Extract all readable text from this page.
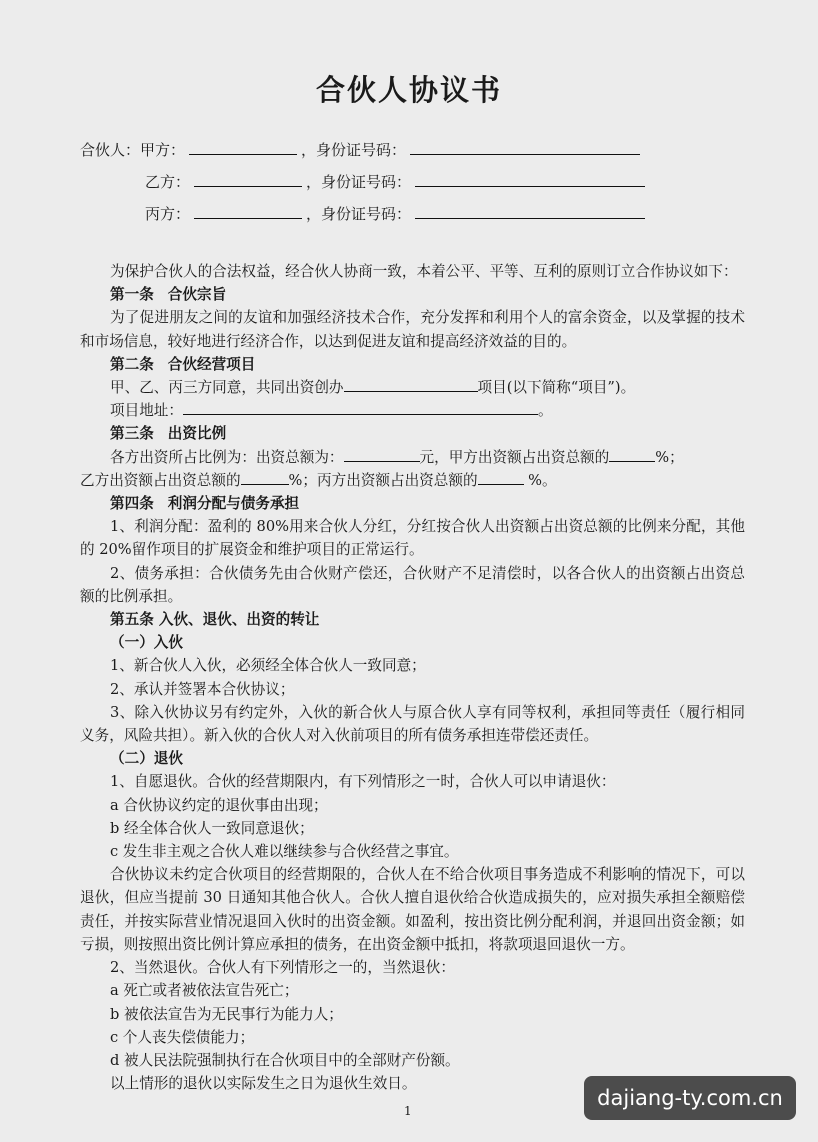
合伙人协议书
合伙人：甲方：	，身份证号码：
乙方：	，身份证号码：
丙方：	，身份证号码：

为保护合伙人的合法权益，经合伙人协商一致，本着公平、平等、互利的原则订立合作协议如下：

第一条 合伙宗旨

为了促进朋友之间的友谊和加强经济技术合作，充分发挥和利用个人的富余资金，以及掌握的技术和市场信息，较好地进行经济合作，以达到促进友谊和提高经济效益的目的。

第二条 合伙经营项目

甲、乙、丙三方同意，共同出资创办	项目(以下简称“项目”)。

项目地址：	。

第三条 出资比例

各方出资所占比例为：出资总额为：	元，甲方出资额占出资总额的	%；

乙方出资额占出资总额的	%；丙方出资额占出资总额的	%。

第四条 利润分配与债务承担

1、利润分配：盈利的 80%用来合伙人分红，分红按合伙人出资额占出资总额的比例来分配，其他的 20%留作项目的扩展资金和维护项目的正常运行。

2、债务承担：合伙债务先由合伙财产偿还，合伙财产不足清偿时，以各合伙人的出资额占出资总额的比例承担。

第五条 入伙、退伙、出资的转让

（一）入伙

1、新合伙人入伙，必须经全体合伙人一致同意；

2、承认并签署本合伙协议；

3、除入伙协议另有约定外，入伙的新合伙人与原合伙人享有同等权利，承担同等责任（履行相同义务，风险共担）。新入伙的合伙人对入伙前项目的所有债务承担连带偿还责任。

（二）退伙

1、自愿退伙。合伙的经营期限内，有下列情形之一时，合伙人可以申请退伙：

a 合伙协议约定的退伙事由出现；

b 经全体合伙人一致同意退伙；

c 发生非主观之合伙人难以继续参与合伙经营之事宜。

合伙协议未约定合伙项目的经营期限的，合伙人在不给合伙项目事务造成不利影响的情况下，可以退伙，但应当提前 30 日通知其他合伙人。合伙人擅自退伙给合伙造成损失的，应对损失承担全额赔偿责任，并按实际营业情况退回入伙时的出资金额。如盈利，按出资比例分配利润，并退回出资金额；如亏损，则按照出资比例计算应承担的债务，在出资金额中抵扣，将款项退回退伙一方。

2、当然退伙。合伙人有下列情形之一的，当然退伙：

a 死亡或者被依法宣告死亡；

b 被依法宣告为无民事行为能力人；

c 个人丧失偿债能力；

d 被人民法院强制执行在合伙项目中的全部财产份额。

以上情形的退伙以实际发生之日为退伙生效日。

1
dajiang-ty.com.cn
